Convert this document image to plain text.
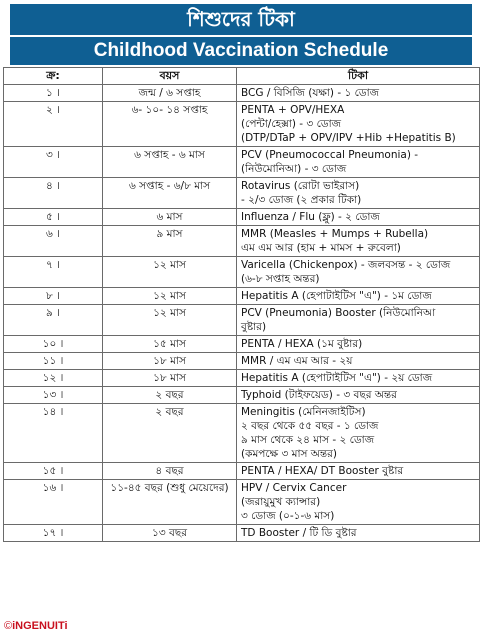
শিশুদের টিকা
Childhood Vaccination Schedule
ক্র:	বয়স	টিকা
১ ।	জন্ম / ৬ সপ্তাহ	BCG / বিসিজি (যক্ষা) - ১ ডোজ

২ ।	৬- ১০- ১৪ সপ্তাহ	PENTA + OPV/HEXA
(পেন্টা/হেক্সা) - ৩ ডোজ
(DTP/DTaP + OPV/IPV +Hib +Hepatitis B)

৩ ।	৬ সপ্তাহ - ৬ মাস	PCV (Pneumococcal Pneumonia) -
(নিউমোনিআ) - ৩ ডোজ

৪ ।	৬ সপ্তাহ - ৬/৮ মাস	Rotavirus (রোটা ভাইরাস)
- ২/৩ ডোজ (২ প্রকার টিকা)

৫ ।	৬ মাস	Influenza / Flu (ফ্লু) - ২ ডোজ

৬ ।	৯ মাস	MMR (Measles + Mumps + Rubella)
এম এম আর (হাম + মামস + রুবেলা)

৭ ।	১২ মাস	Varicella (Chickenpox) - জলবসন্ত - ২ ডোজ
(৬-৮ সপ্তাহ অন্তর)

৮ ।	১২ মাস	Hepatitis A (হেপাটাইটিস "এ") - ১ম ডোজ

৯ ।	১২ মাস	PCV (Pneumonia) Booster (নিউমোনিআ
বুষ্টার)

১০ ।	১৫ মাস	PENTA / HEXA (১ম বুষ্টার)

১১ ।	১৮ মাস	MMR / এম এম আর - ২য়

১২ ।	১৮ মাস	Hepatitis A (হেপাটাইটিস "এ") - ২য় ডোজ

১৩ ।	২ বছর	Typhoid (টাইফয়েড) - ৩ বছর অন্তর

১৪ ।	২ বছর	Meningitis (মেনিনজাইটিস)
২ বছর থেকে ৫৫ বছর - ১ ডোজ
৯ মাস থেকে ২৪ মাস - ২ ডোজ
(কমপক্ষে ৩ মাস অন্তর)

১৫ ।	৪ বছর	PENTA / HEXA/ DT Booster বুষ্টার

১৬ ।	১১-৪৫ বছর (শুধু মেয়েদের)	HPV / Cervix Cancer
(জরায়ুমুখ ক্যান্সার)
৩ ডোজ (০-১-৬ মাস)

১৭ ।	১৩ বছর	TD Booster / টি ডি বুষ্টার
©iNGENUITi
